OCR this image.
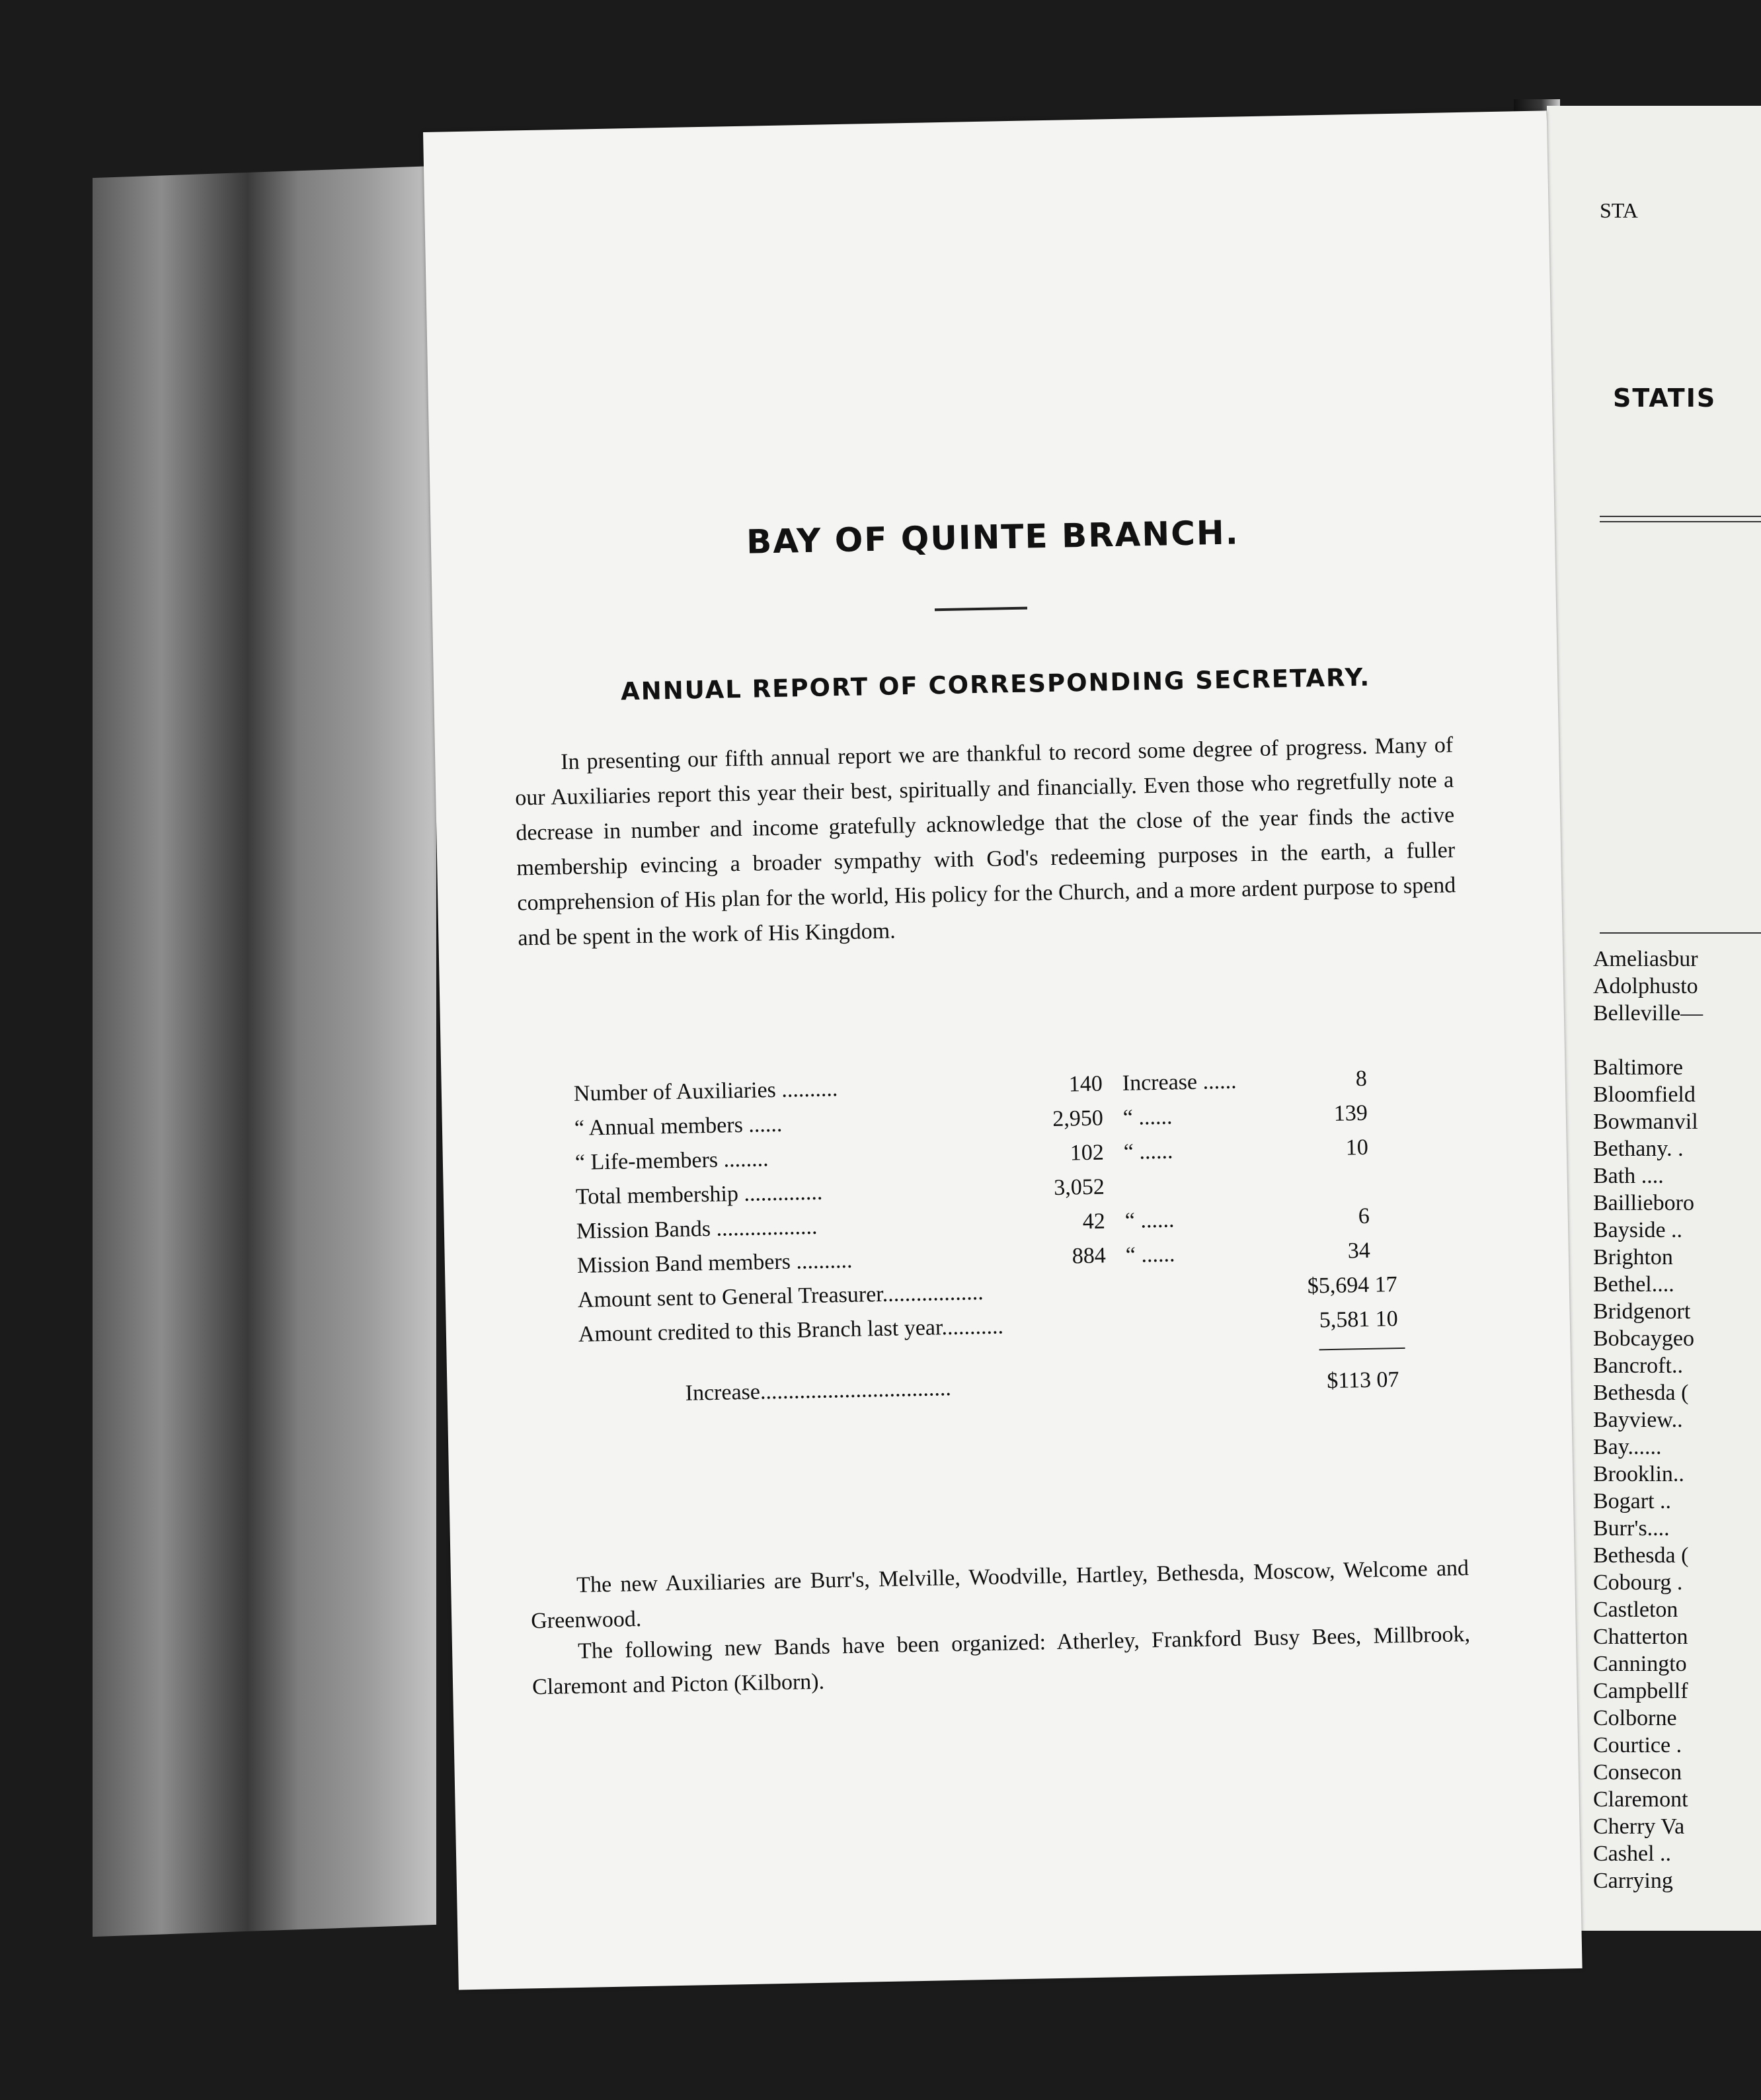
STA
STATIS
Ameliasbur
Adolphusto
Belleville—

Baltimore
Bloomfield
Bowmanvil
Bethany. .
Bath ....
Baillieboro
Bayside ..
Brighton
Bethel....
Bridgenort
Bobcaygeo
Bancroft..
Bethesda (
Bayview..
Bay......
Brooklin..
Bogart ..
Burr's....
Bethesda (
Cobourg .
Castleton
Chatterton
Canningto
Campbellf
Colborne
Courtice .
Consecon
Claremont
Cherry Va
Cashel ..
Carrying
BAY OF QUINTE BRANCH.
ANNUAL REPORT OF CORRESPONDING SECRETARY.
In presenting our fifth annual report we are thankful to record some degree of progress. Many of our Auxiliaries report this year their best, spiritually and financially. Even those who regretfully note a decrease in number and income gratefully acknowledge that the close of the year finds the active membership evincing a broader sympathy with God's redeeming purposes in the earth, a fuller comprehension of His plan for the world, His policy for the Church, and a more ardent purpose to spend and be spent in the work of His Kingdom.
Number of Auxiliaries ..........	140 Increase ......	8
“ Annual members ......	2,950 “ ......	139
“ Life-members ........	102 “ ......	10
Total membership ..............	3,052
Mission Bands ..................	42 “ ......	6
Mission Band members ..........	884 “ ......	34
Amount sent to General Treasurer..................	$5,694 17
Amount credited to this Branch last year...........	5,581 10
Increase..................................	$113 07
The new Auxiliaries are Burr's, Melville, Woodville, Hartley, Bethesda, Moscow, Welcome and Greenwood.
The following new Bands have been organized: Atherley, Frankford Busy Bees, Millbrook, Claremont and Picton (Kilborn).
